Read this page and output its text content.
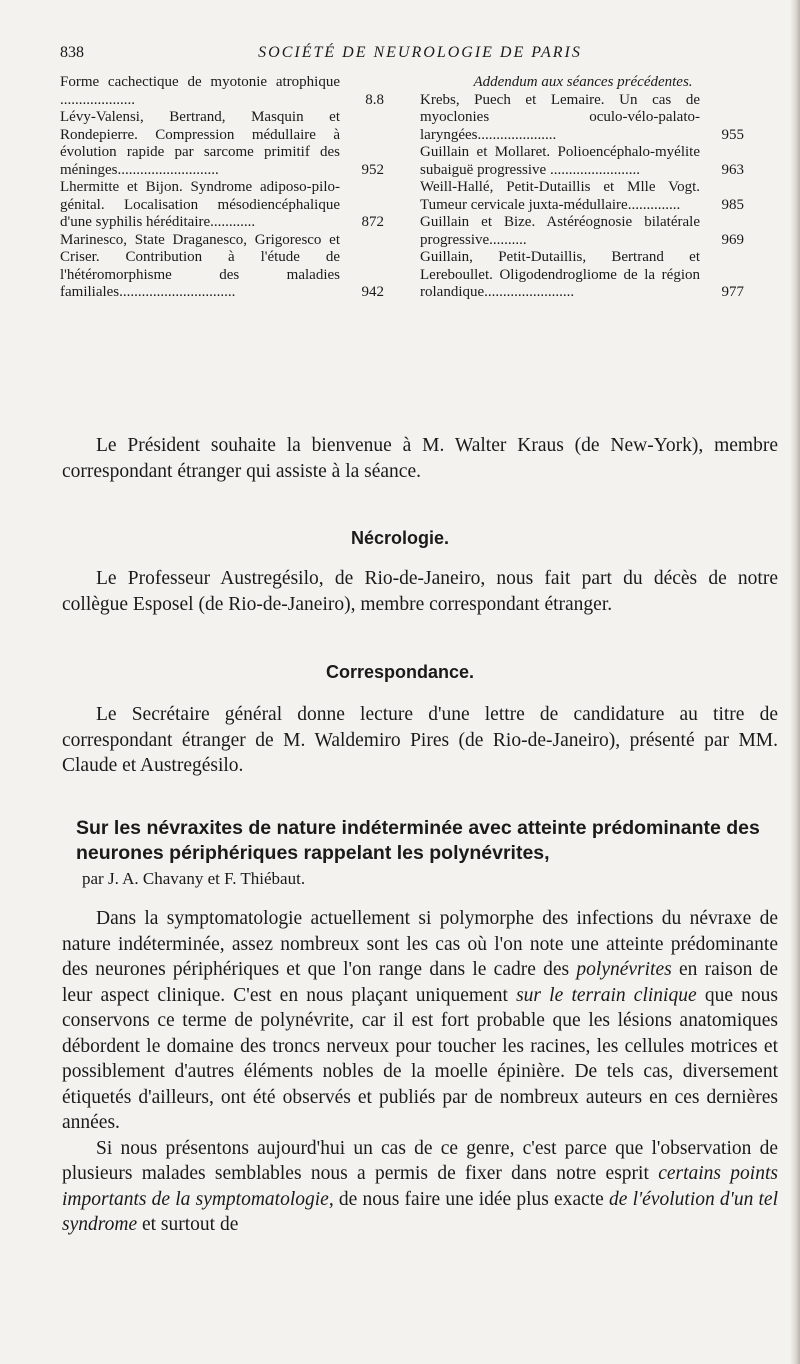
838	SOCIÉTÉ DE NEUROLOGIE DE PARIS
Forme cachectique de myotonie atrophique ....................	8.8
Lévy-Valensi, Bertrand, Masquin et Rondepierre. Compression médullaire à évolution rapide par sarcome primitif des méninges...........................	952
Lhermitte et Bijon. Syndrome adiposo-pilo-génital. Localisation mésodiencéphalique d'une syphilis héréditaire............	872
Marinesco, State Draganesco, Grigoresco et Criser. Contribution à l'étude de l'hétéromorphisme des maladies familiales...............................	942
Addendum aux séances précédentes.
Krebs, Puech et Lemaire. Un cas de myoclonies oculo-vélo-palato-laryngées.....................	955
Guillain et Mollaret. Polioencéphalo-myélite subaiguë progressive ........................	963
Weill-Hallé, Petit-Dutaillis et Mlle Vogt. Tumeur cervicale juxta-médullaire..............	985
Guillain et Bize. Astéréognosie bilatérale progressive..........	969
Guillain, Petit-Dutaillis, Bertrand et Lereboullet. Oligodendrogliome de la région rolandique........................	977

Le Président souhaite la bienvenue à M. Walter Kraus (de New-York), membre correspondant étranger qui assiste à la séance.

Nécrologie.

Le Professeur Austregésilo, de Rio-de-Janeiro, nous fait part du décès de notre collègue Esposel (de Rio-de-Janeiro), membre correspondant étranger.

Correspondance.

Le Secrétaire général donne lecture d'une lettre de candidature au titre de correspondant étranger de M. Waldemiro Pires (de Rio-de-Janeiro), présenté par MM. Claude et Austregésilo.

Sur les névraxites de nature indéterminée avec atteinte prédominante des neurones périphériques rappelant les polynévrites,
par J. A. Chavany et F. Thiébaut.

Dans la symptomatologie actuellement si polymorphe des infections du névraxe de nature indéterminée, assez nombreux sont les cas où l'on note une atteinte prédominante des neurones périphériques et que l'on range dans le cadre des polynévrites en raison de leur aspect clinique. C'est en nous plaçant uniquement sur le terrain clinique que nous conservons ce terme de polynévrite, car il est fort probable que les lésions anatomiques débordent le domaine des troncs nerveux pour toucher les racines, les cellules motrices et possiblement d'autres éléments nobles de la moelle épinière. De tels cas, diversement étiquetés d'ailleurs, ont été observés et publiés par de nombreux auteurs en ces dernières années.

Si nous présentons aujourd'hui un cas de ce genre, c'est parce que l'observation de plusieurs malades semblables nous a permis de fixer dans notre esprit certains points importants de la symptomatologie, de nous faire une idée plus exacte de l'évolution d'un tel syndrome et surtout de
